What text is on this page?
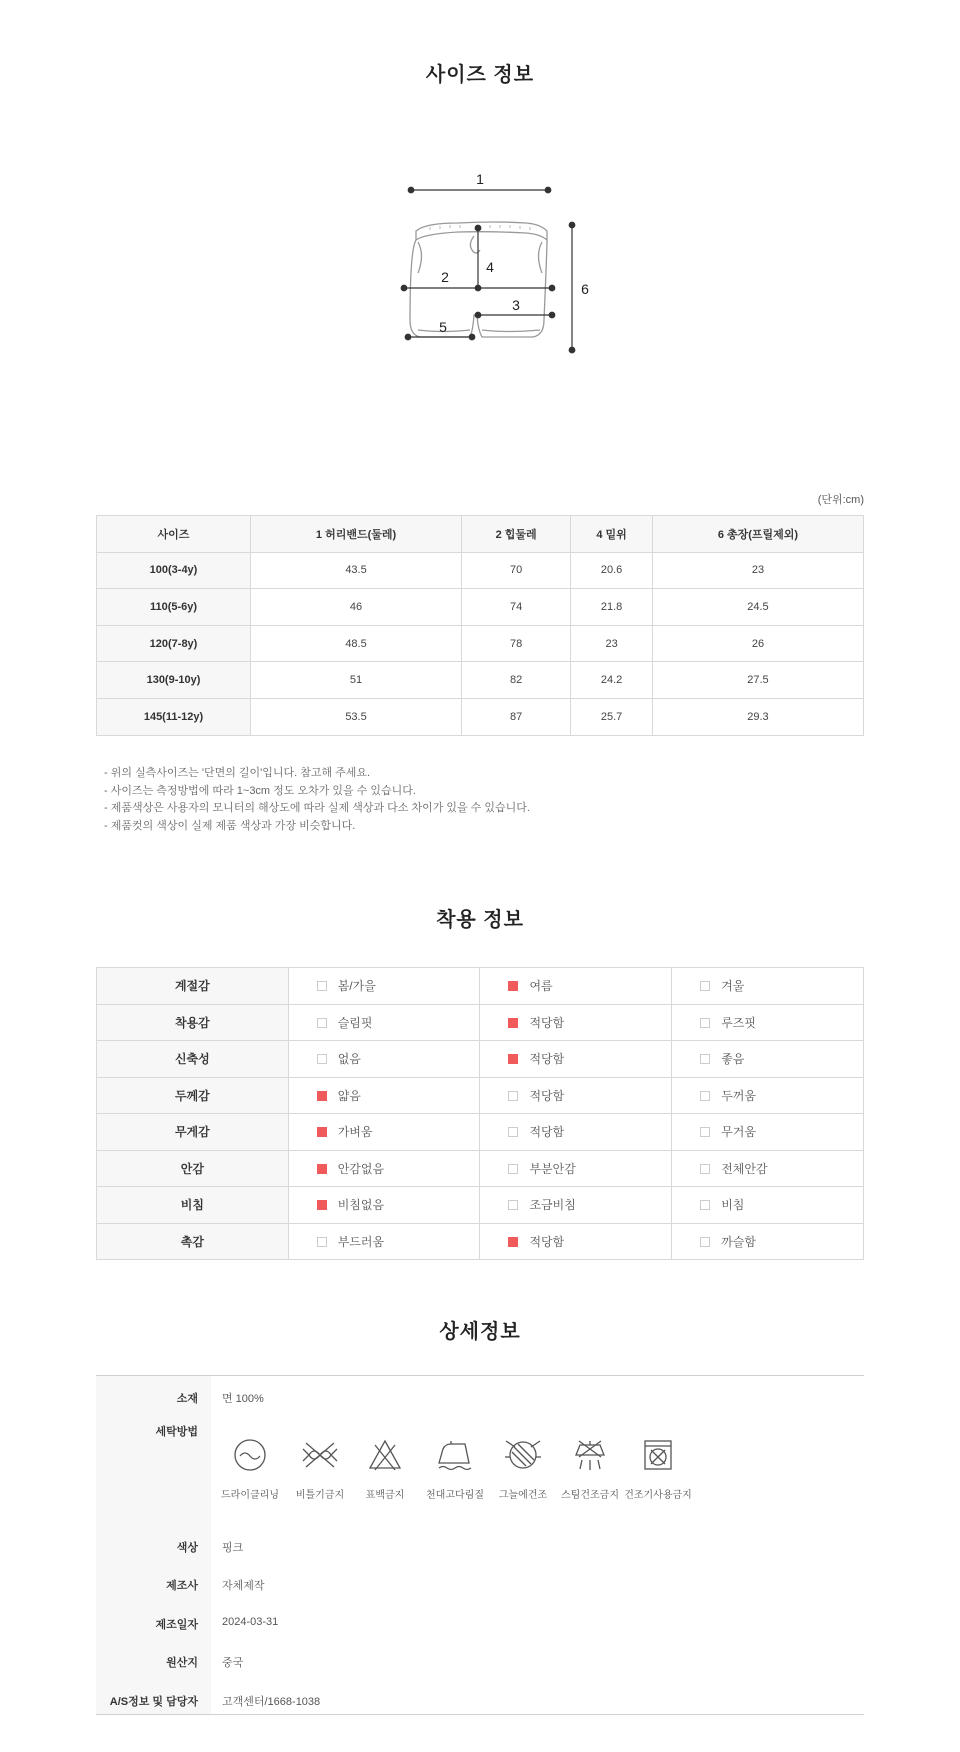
사이즈 정보
1
2
3
4
5
6
(단위:cm)
사이즈	1 허리밴드(둘레)	2 힙둘레	4 밑위	6 총장(프릴제외)
100(3-4y)	43.5	70	20.6	23
110(5-6y)	46	74	21.8	24.5
120(7-8y)	48.5	78	23	26
130(9-10y)	51	82	24.2	27.5
145(11-12y)	53.5	87	25.7	29.3
- 위의 실측사이즈는 '단면의 길이'입니다. 참고해 주세요.
- 사이즈는 측정방법에 따라 1~3cm 정도 오차가 있을 수 있습니다.
- 제품색상은 사용자의 모니터의 해상도에 따라 실제 색상과 다소 차이가 있을 수 있습니다.
- 제품컷의 색상이 실제 제품 색상과 가장 비슷합니다.
착용 정보
계절감	봄/가을	여름	겨울
착용감	슬림핏	적당함	루즈핏
신축성	없음	적당함	좋음
두께감	얇음	적당함	두꺼움
무게감	가벼움	적당함	무거움
안감	안감없음	부분안감	전체안감
비침	비침없음	조금비침	비침
촉감	부드러움	적당함	까슬함
상세정보
소재 면 100%
세탁방법
드라이클리닝	비틀기금지	표백금지	천대고다림질	그늘에건조	스팀건조금지 건조기사용금지
색상 핑크
제조사 자체제작
제조일자 2024-03-31
원산지 중국
A/S정보 및 담당자 고객센터/1668-1038
